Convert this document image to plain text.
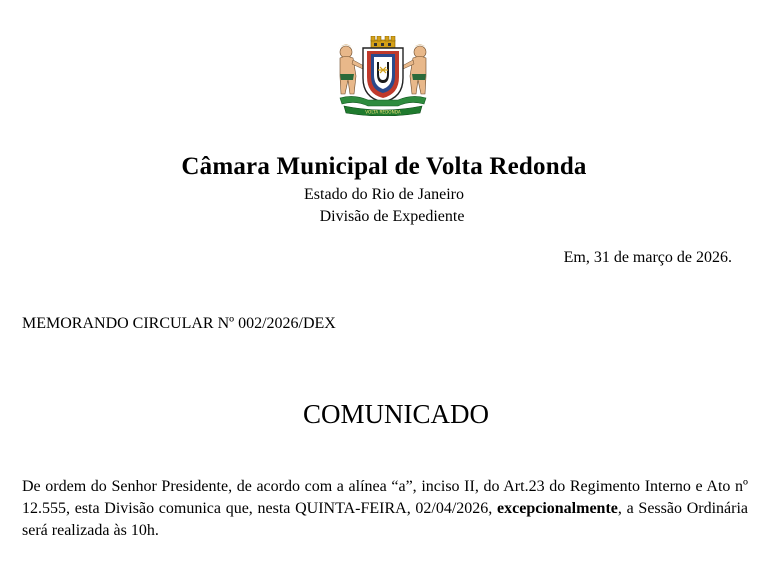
VOLTA REDONDA
Câmara Municipal de Volta Redonda
Estado do Rio de Janeiro
Divisão de Expediente
Em, 31 de março de 2026.
MEMORANDO CIRCULAR Nº 002/2026/DEX
COMUNICADO
De ordem do Senhor Presidente, de acordo com a alínea “a”, inciso II, do Art.23 do Regimento Interno e Ato nº 12.555, esta Divisão comunica que, nesta QUINTA-FEIRA, 02/04/2026, excepcionalmente, a Sessão Ordinária será realizada às 10h.
